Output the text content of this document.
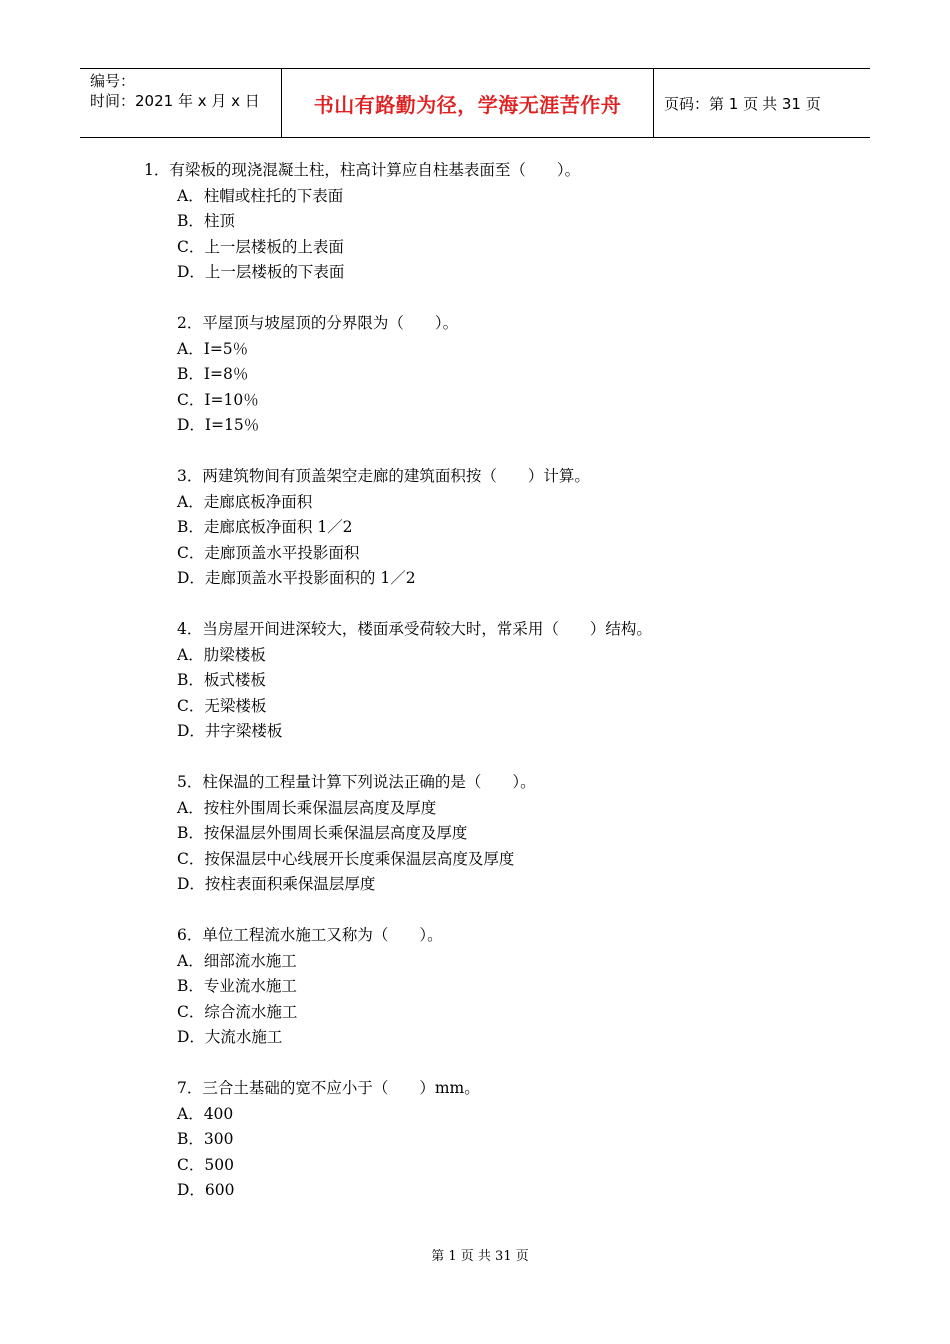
编号：
时间：2021 年 x 月 x 日	书山有路勤为径，学海无涯苦作舟	页码：第 1 页 共 31 页
1．有梁板的现浇混凝土柱，柱高计算应自柱基表面至（　　）。
A．柱帽或柱托的下表面
B．柱顶
C．上一层楼板的上表面
D．上一层楼板的下表面
2．平屋顶与坡屋顶的分界限为（　　）。
A．I=5％
B．I=8％
C．I=10％
D．I=15％
3．两建筑物间有顶盖架空走廊的建筑面积按（　　）计算。
A．走廊底板净面积
B．走廊底板净面积 1／2
C．走廊顶盖水平投影面积
D．走廊顶盖水平投影面积的 1／2
4．当房屋开间进深较大，楼面承受荷较大时，常采用（　　）结构。
A．肋梁楼板
B．板式楼板
C．无梁楼板
D．井字梁楼板
5．柱保温的工程量计算下列说法正确的是（　　）。
A．按柱外围周长乘保温层高度及厚度
B．按保温层外围周长乘保温层高度及厚度
C．按保温层中心线展开长度乘保温层高度及厚度
D．按柱表面积乘保温层厚度
6．单位工程流水施工又称为（　　）。
A．细部流水施工
B．专业流水施工
C．综合流水施工
D．大流水施工
7．三合土基础的宽不应小于（　　）mm。
A．400
B．300
C．500
D．600
第 1 页 共 31 页
